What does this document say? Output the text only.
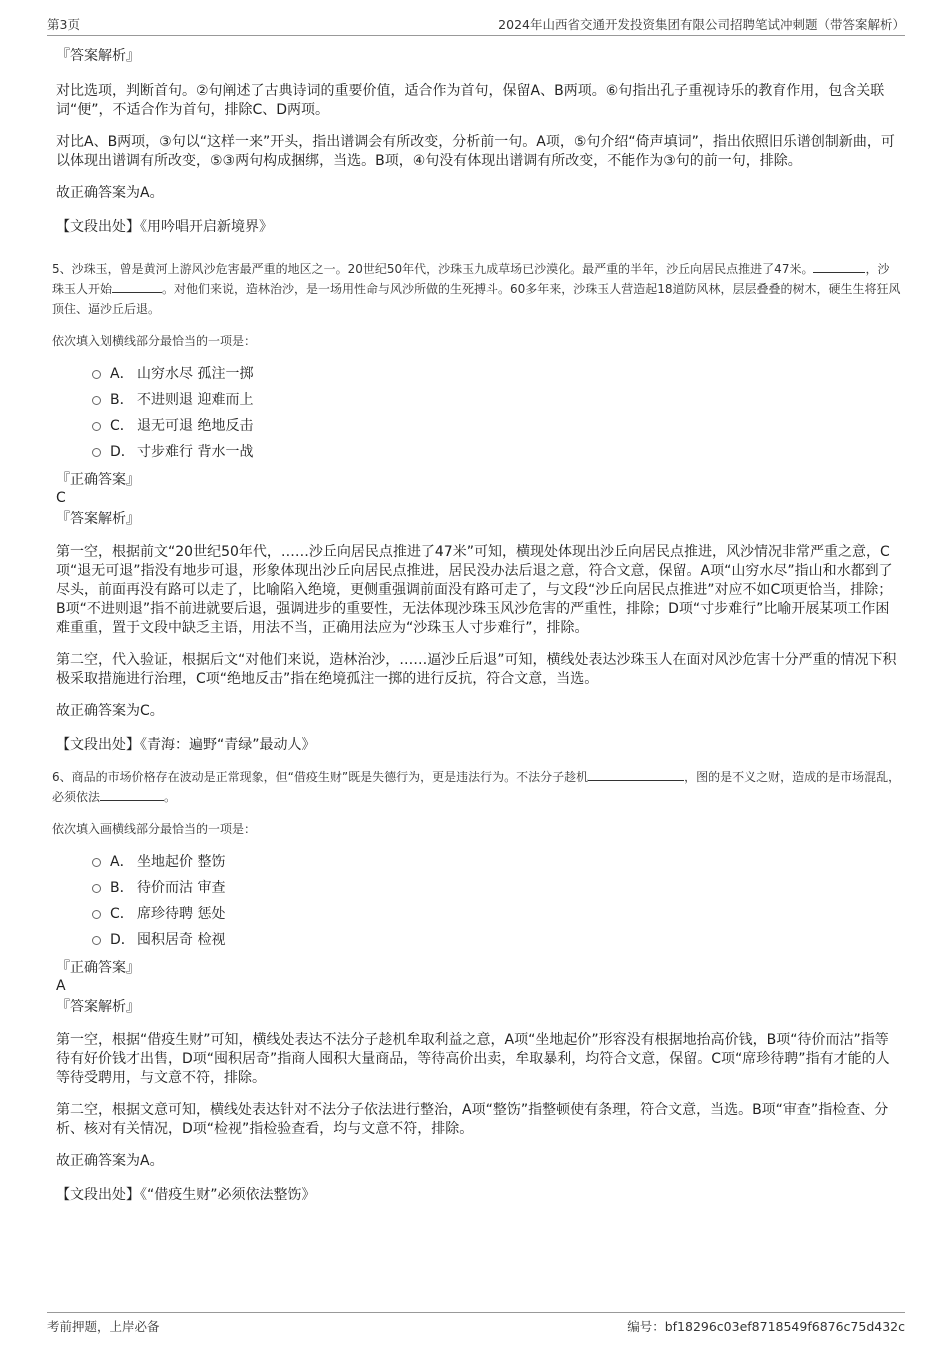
第3页	2024年山西省交通开发投资集团有限公司招聘笔试冲刺题（带答案解析）

『答案解析』

对比选项，判断首句。②句阐述了古典诗词的重要价值，适合作为首句，保留A、B两项。⑥句指出孔子重视诗乐的教育作用，包含关联词“便”，不适合作为首句，排除C、D两项。

对比A、B两项，③句以“这样一来”开头，指出谱调会有所改变，分析前一句。A项，⑤句介绍“倚声填词”，指出依照旧乐谱创制新曲，可以体现出谱调有所改变，⑤③两句构成捆绑，当选。B项，④句没有体现出谱调有所改变，不能作为③句的前一句，排除。

故正确答案为A。

【文段出处】《用吟唱开启新境界》

5、沙珠玉，曾是黄河上游风沙危害最严重的地区之一。20世纪50年代，沙珠玉九成草场已沙漠化。最严重的半年，沙丘向居民点推进了47米。	，沙珠玉人开始	。对他们来说，造林治沙，是一场用性命与风沙所做的生死搏斗。60多年来，沙珠玉人营造起18道防风林，层层叠叠的树木，硬生生将狂风顶住、逼沙丘后退。

依次填入划横线部分最恰当的一项是：

A． 山穷水尽 孤注一掷
B． 不进则退 迎难而上
C． 退无可退 绝地反击
D． 寸步难行 背水一战

『正确答案』

C

『答案解析』

第一空，根据前文“20世纪50年代，……沙丘向居民点推进了47米”可知，横现处体现出沙丘向居民点推进，风沙情况非常严重之意，C项“退无可退”指没有地步可退，形象体现出沙丘向居民点推进，居民没办法后退之意，符合文意，保留。A项“山穷水尽”指山和水都到了尽头，前面再没有路可以走了，比喻陷入绝境，更侧重强调前面没有路可走了，与文段“沙丘向居民点推进”对应不如C项更恰当，排除；B项“不进则退”指不前进就要后退，强调进步的重要性，无法体现沙珠玉风沙危害的严重性，排除；D项“寸步难行”比喻开展某项工作困难重重，置于文段中缺乏主语，用法不当，正确用法应为“沙珠玉人寸步难行”，排除。

第二空，代入验证，根据后文“对他们来说，造林治沙，……逼沙丘后退”可知，横线处表达沙珠玉人在面对风沙危害十分严重的情况下积极采取措施进行治理，C项“绝地反击”指在绝境孤注一掷的进行反抗，符合文意，当选。

故正确答案为C。

【文段出处】《青海：遍野“青绿”最动人》

6、商品的市场价格存在波动是正常现象，但“借疫生财”既是失德行为，更是违法行为。不法分子趁机	，图的是不义之财，造成的是市场混乱，必须依法	。

依次填入画横线部分最恰当的一项是：

A． 坐地起价 整饬
B． 待价而沽 审查
C． 席珍待聘 惩处
D． 囤积居奇 检视

『正确答案』

A

『答案解析』

第一空，根据“借疫生财”可知，横线处表达不法分子趁机牟取利益之意，A项“坐地起价”形容没有根据地抬高价钱，B项“待价而沽”指等待有好价钱才出售，D项“囤积居奇”指商人囤积大量商品，等待高价出卖，牟取暴利，均符合文意，保留。C项“席珍待聘”指有才能的人等待受聘用，与文意不符，排除。

第二空，根据文意可知，横线处表达针对不法分子依法进行整治，A项“整饬”指整顿使有条理，符合文意，当选。B项“审查”指检查、分析、核对有关情况，D项“检视”指检验查看，均与文意不符，排除。

故正确答案为A。

【文段出处】《“借疫生财”必须依法整饬》

考前押题，上岸必备	编号：bf18296c03ef8718549f6876c75d432c
